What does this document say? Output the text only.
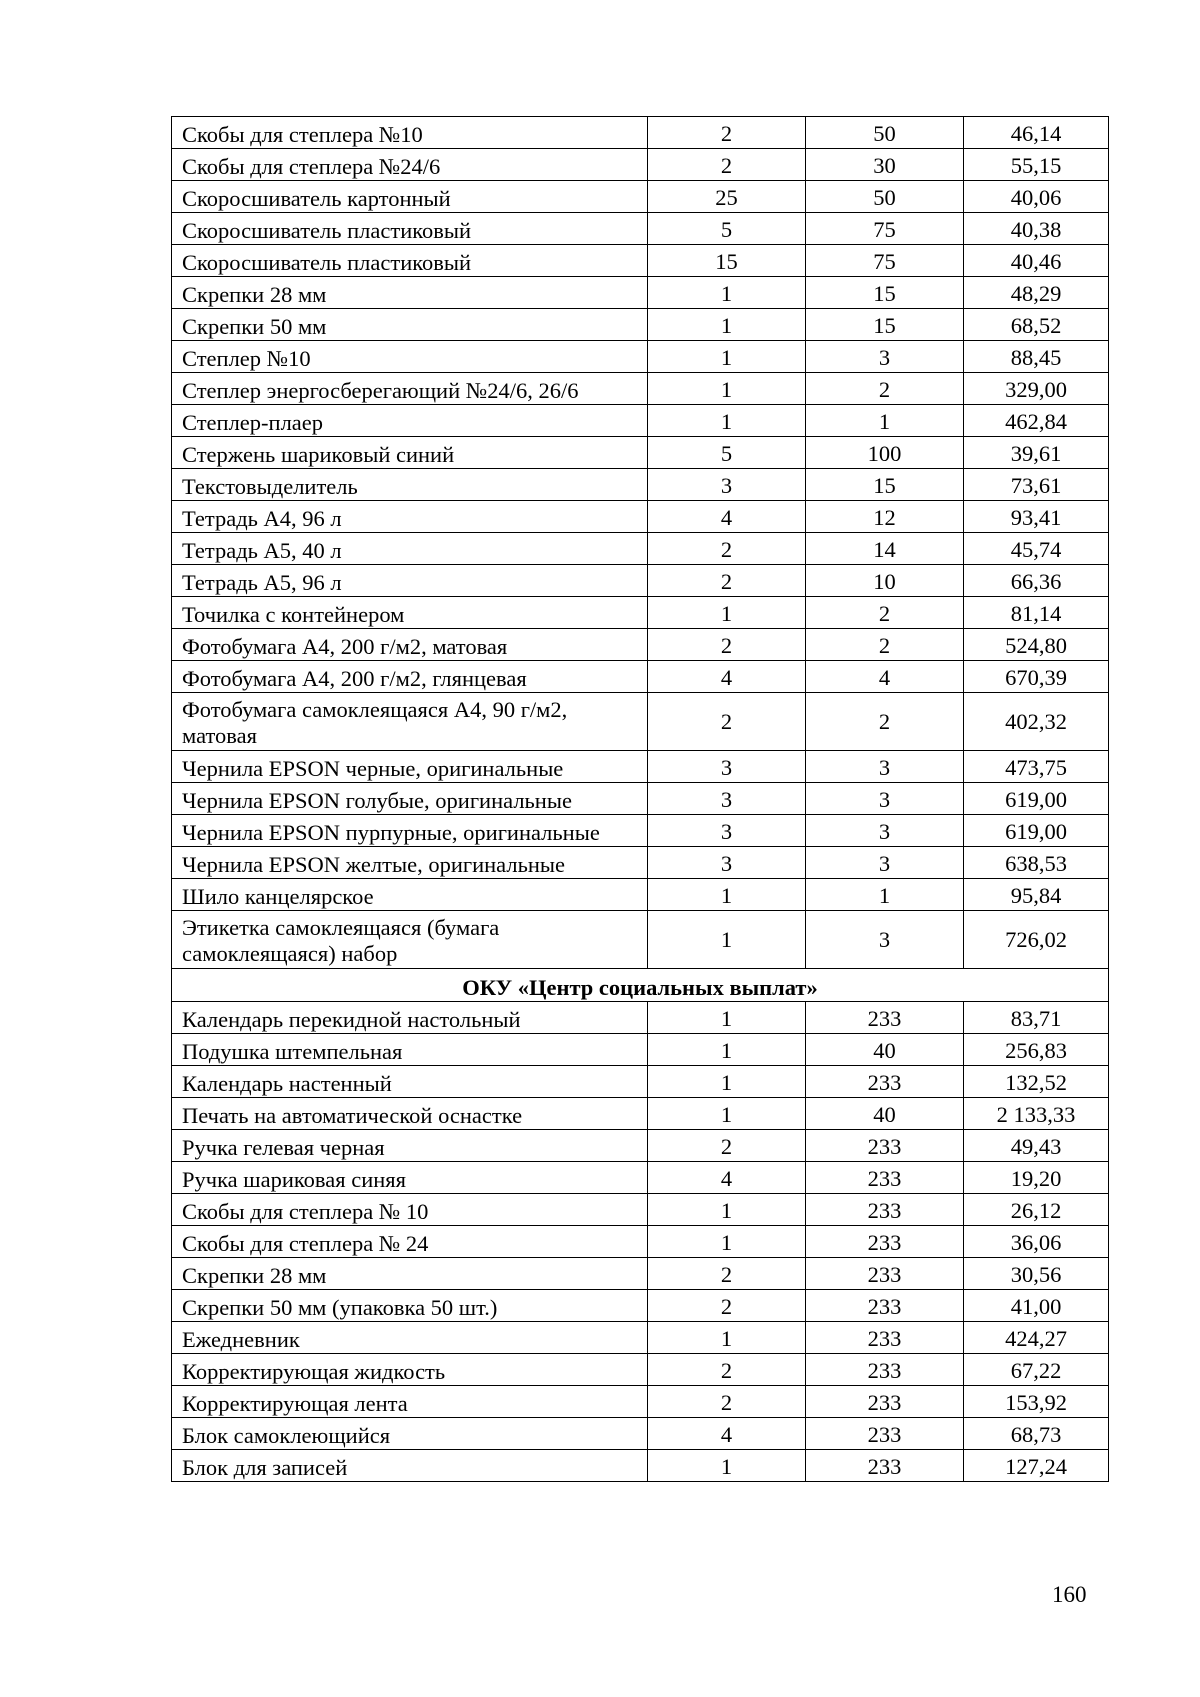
Скобы для степлера №10	2	50	46,14
Скобы для степлера №24/6	2	30	55,15
Скоросшиватель картонный	25	50	40,06
Скоросшиватель пластиковый	5	75	40,38
Скоросшиватель пластиковый	15	75	40,46
Скрепки 28 мм	1	15	48,29
Скрепки 50 мм	1	15	68,52
Степлер №10	1	3	88,45
Степлер энергосберегающий №24/6, 26/6	1	2	329,00
Степлер-плаер	1	1	462,84
Стержень шариковый синий	5	100	39,61
Текстовыделитель	3	15	73,61
Тетрадь А4, 96 л	4	12	93,41
Тетрадь А5, 40 л	2	14	45,74
Тетрадь А5, 96 л	2	10	66,36
Точилка с контейнером	1	2	81,14
Фотобумага А4, 200 г/м2, матовая	2	2	524,80
Фотобумага А4, 200 г/м2, глянцевая	4	4	670,39
Фотобумага самоклеящаяся А4, 90 г/м2, матовая	2	2	402,32
Чернила EPSON черные, оригинальные	3	3	473,75
Чернила EPSON голубые, оригинальные	3	3	619,00
Чернила EPSON пурпурные, оригинальные	3	3	619,00
Чернила EPSON желтые, оригинальные	3	3	638,53
Шило канцелярское	1	1	95,84
Этикетка самоклеящаяся (бумага самоклеящаяся) набор	1	3	726,02
ОКУ «Центр социальных выплат»			
Календарь перекидной настольный	1	233	83,71
Подушка штемпельная	1	40	256,83
Календарь настенный	1	233	132,52
Печать на автоматической оснастке	1	40	2 133,33
Ручка гелевая черная	2	233	49,43
Ручка шариковая синяя	4	233	19,20
Скобы для степлера № 10	1	233	26,12
Скобы для степлера № 24	1	233	36,06
Скрепки 28 мм	2	233	30,56
Скрепки 50 мм (упаковка 50 шт.)	2	233	41,00
Ежедневник	1	233	424,27
Корректирующая жидкость	2	233	67,22
Корректирующая лента	2	233	153,92
Блок самоклеющийся	4	233	68,73
Блок для записей	1	233	127,24
160
